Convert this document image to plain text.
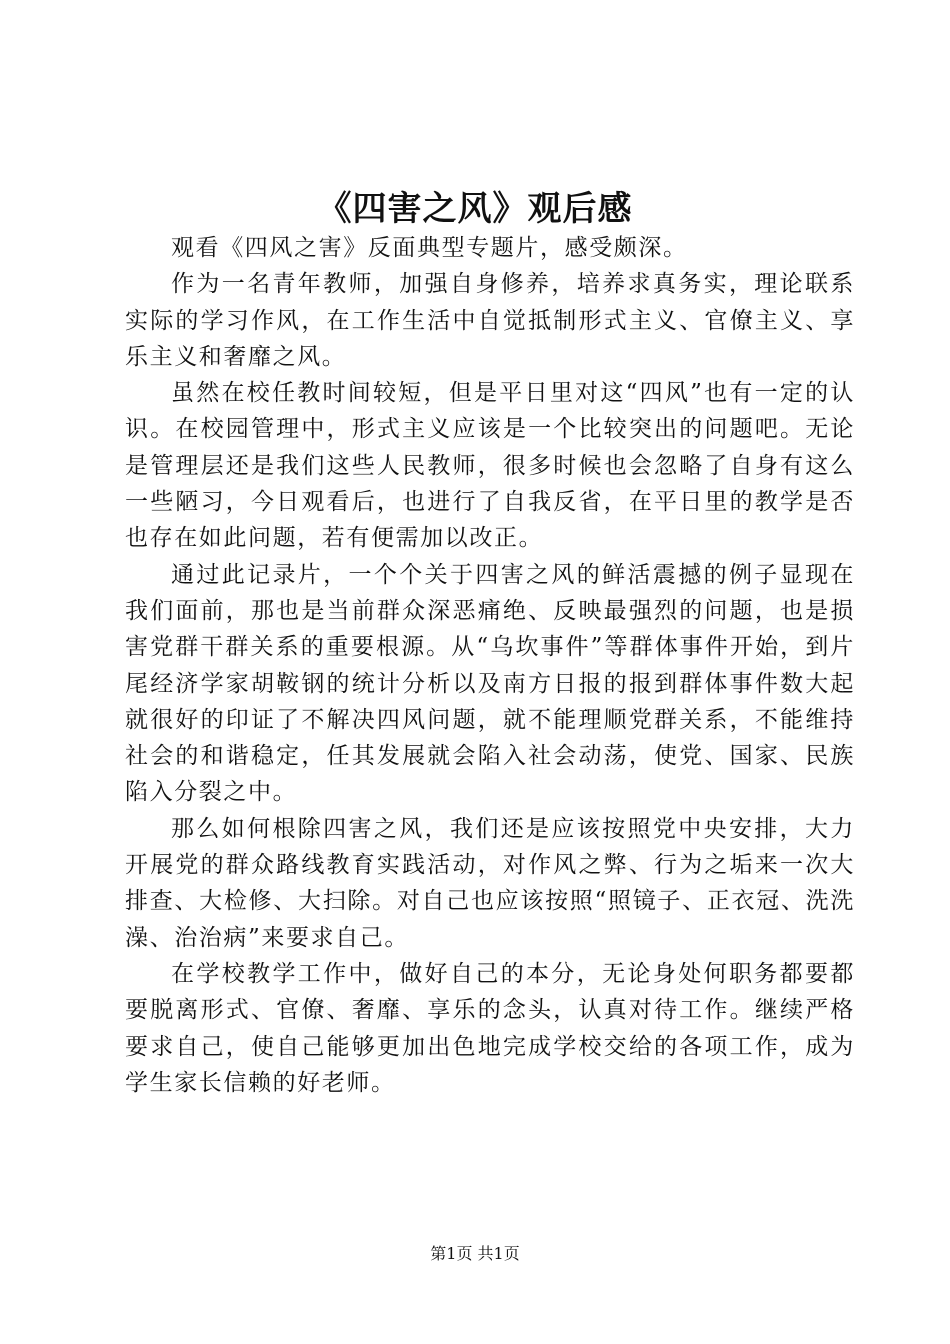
《四害之风》观后感

观看《四风之害》反面典型专题片，感受颇深。

作为一名青年教师，加强自身修养，培养求真务实，理论联系实际的学习作风，在工作生活中自觉抵制形式主义、官僚主义、享乐主义和奢靡之风。

虽然在校任教时间较短，但是平日里对这“四风”也有一定的认识。在校园管理中，形式主义应该是一个比较突出的问题吧。无论是管理层还是我们这些人民教师，很多时候也会忽略了自身有这么一些陋习，今日观看后，也进行了自我反省，在平日里的教学是否也存在如此问题，若有便需加以改正。

通过此记录片，一个个关于四害之风的鲜活震撼的例子显现在我们面前，那也是当前群众深恶痛绝、反映最强烈的问题，也是损害党群干群关系的重要根源。从“乌坎事件”等群体事件开始，到片尾经济学家胡鞍钢的统计分析以及南方日报的报到群体事件数大起就很好的印证了不解决四风问题，就不能理顺党群关系，不能维持社会的和谐稳定，任其发展就会陷入社会动荡，使党、国家、民族陷入分裂之中。

那么如何根除四害之风，我们还是应该按照党中央安排，大力开展党的群众路线教育实践活动，对作风之弊、行为之垢来一次大排查、大检修、大扫除。对自己也应该按照“照镜子、正衣冠、洗洗澡、治治病”来要求自己。

在学校教学工作中，做好自己的本分，无论身处何职务都要都要脱离形式、官僚、奢靡、享乐的念头，认真对待工作。继续严格要求自己，使自己能够更加出色地完成学校交给的各项工作，成为学生家长信赖的好老师。

第1页 共1页
